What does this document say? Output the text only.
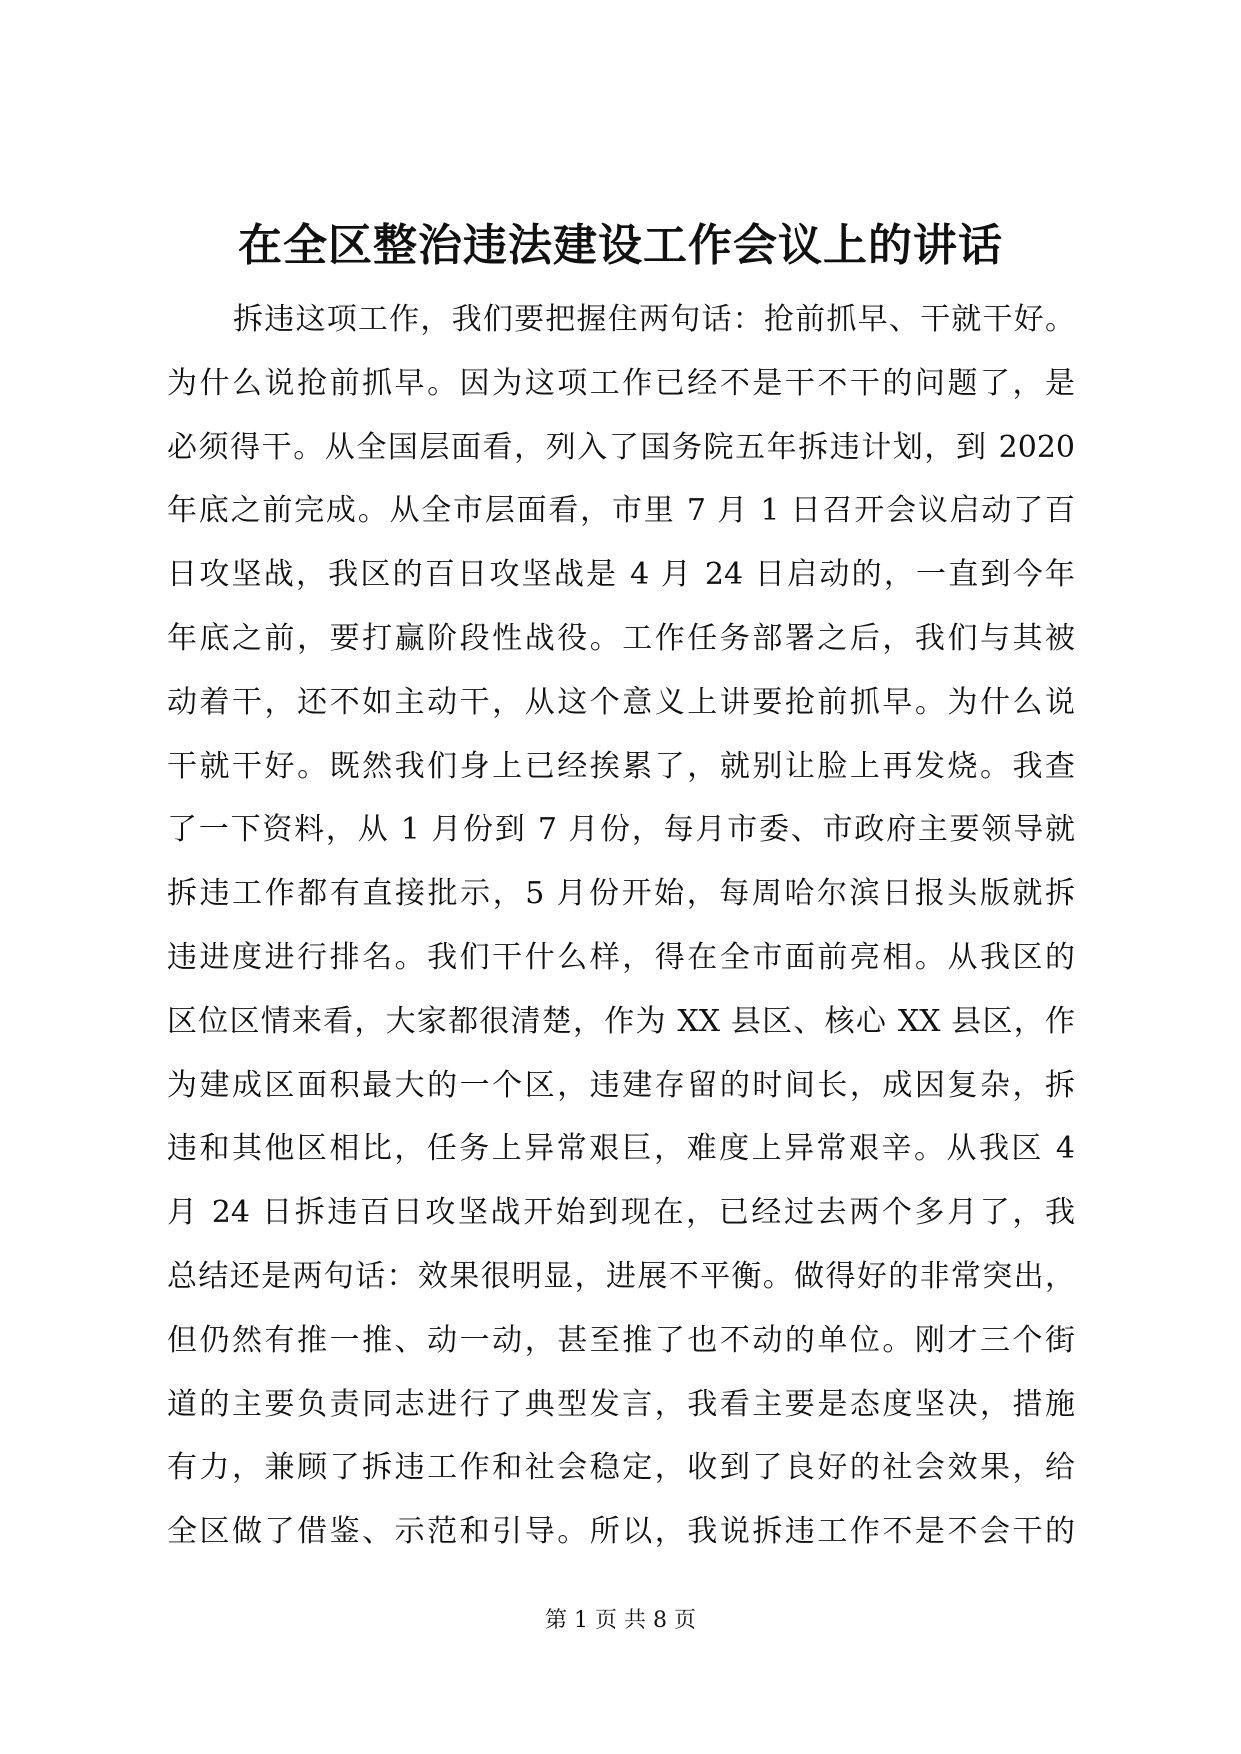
在全区整治违法建设工作会议上的讲话
拆违这项工作，我们要把握住两句话：抢前抓早、干就干好。
为什么说抢前抓早。因为这项工作已经不是干不干的问题了，是
必须得干。从全国层面看，列入了国务院五年拆违计划，到 2020
年底之前完成。从全市层面看，市里 7 月 1 日召开会议启动了百
日攻坚战，我区的百日攻坚战是 4 月 24 日启动的，一直到今年
年底之前，要打赢阶段性战役。工作任务部署之后，我们与其被
动着干，还不如主动干，从这个意义上讲要抢前抓早。为什么说
干就干好。既然我们身上已经挨累了，就别让脸上再发烧。我查
了一下资料，从 1 月份到 7 月份，每月市委、市政府主要领导就
拆违工作都有直接批示，5 月份开始，每周哈尔滨日报头版就拆
违进度进行排名。我们干什么样，得在全市面前亮相。从我区的
区位区情来看，大家都很清楚，作为 XX 县区、核心 XX 县区，作
为建成区面积最大的一个区，违建存留的时间长，成因复杂，拆
违和其他区相比，任务上异常艰巨，难度上异常艰辛。从我区 4
月 24 日拆违百日攻坚战开始到现在，已经过去两个多月了，我
总结还是两句话：效果很明显，进展不平衡。做得好的非常突出，
但仍然有推一推、动一动，甚至推了也不动的单位。刚才三个街
道的主要负责同志进行了典型发言，我看主要是态度坚决，措施
有力，兼顾了拆违工作和社会稳定，收到了良好的社会效果，给
全区做了借鉴、示范和引导。所以，我说拆违工作不是不会干的
第 1 页 共 8 页
